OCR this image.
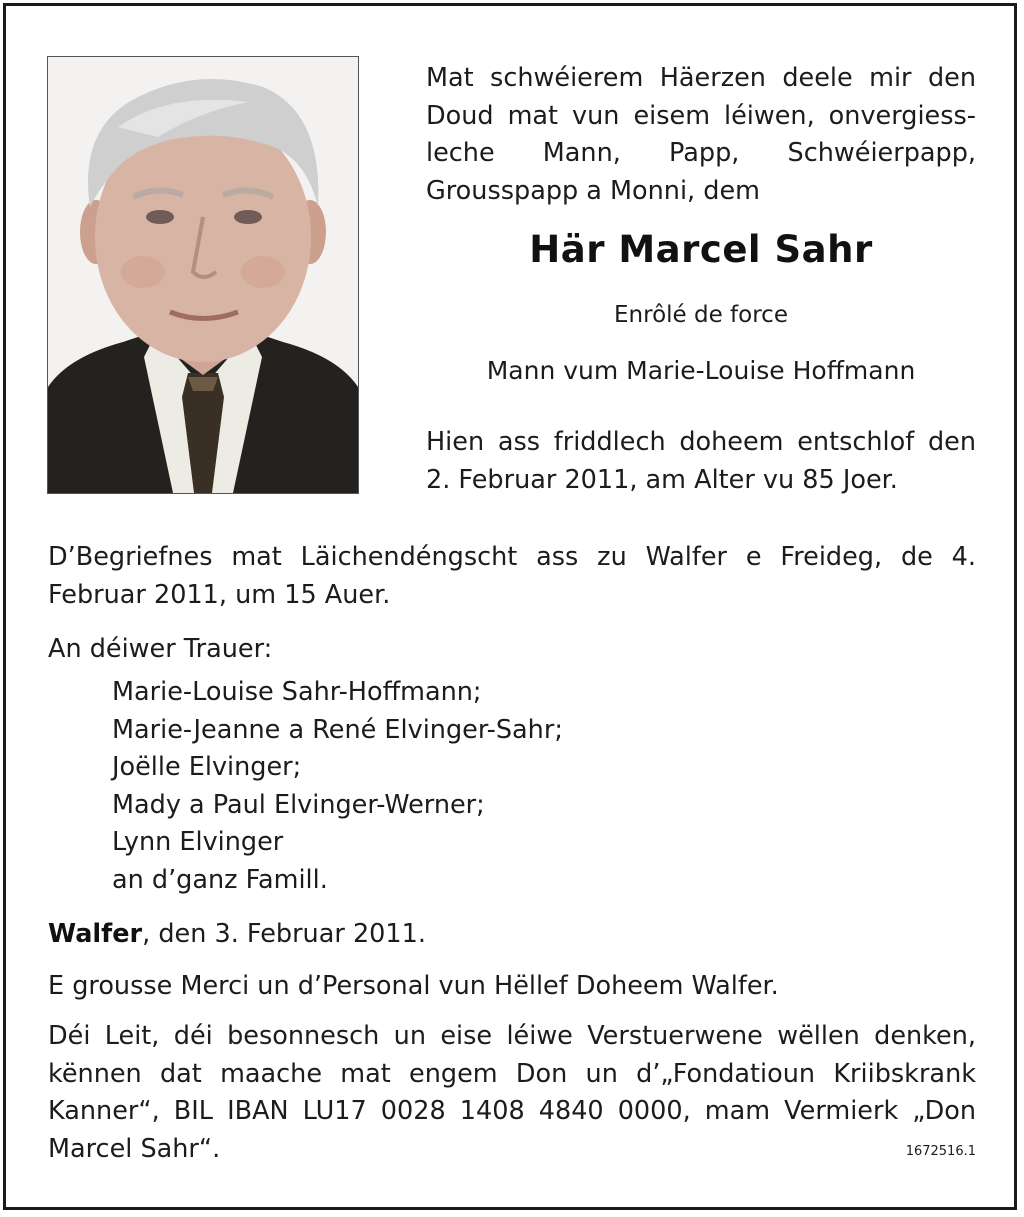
Mat schwéierem Häerzen deele mir den Doud mat vun eisem léiwen, onvergiessleche Mann, Papp, Schwéierpapp, Grousspapp a Monni, dem

Här Marcel Sahr

Enrôlé de force

Mann vum Marie-Louise Hoffmann

Hien ass friddlech doheem entschlof den 2. Februar 2011, am Alter vu 85 Joer.

D’Begriefnes mat Läichendéngscht ass zu Walfer e Freideg, de 4. Februar 2011, um 15 Auer.

An déiwer Trauer:

Marie-Louise Sahr-Hoffmann;
Marie-Jeanne a René Elvinger-Sahr;
Joëlle Elvinger;
Mady a Paul Elvinger-Werner;
Lynn Elvinger
an d’ganz Famill.

Walfer, den 3. Februar 2011.

E grousse Merci un d’Personal vun Hëllef Doheem Walfer.

Déi Leit, déi besonnesch un eise léiwe Verstuerwene wëllen denken, kënnen dat maache mat engem Don un d’„Fondatioun Kriibskrank Kanner“, BIL IBAN LU17 0028 1408 4840 0000, mam Vermierk „Don Marcel Sahr“.	1672516.1
